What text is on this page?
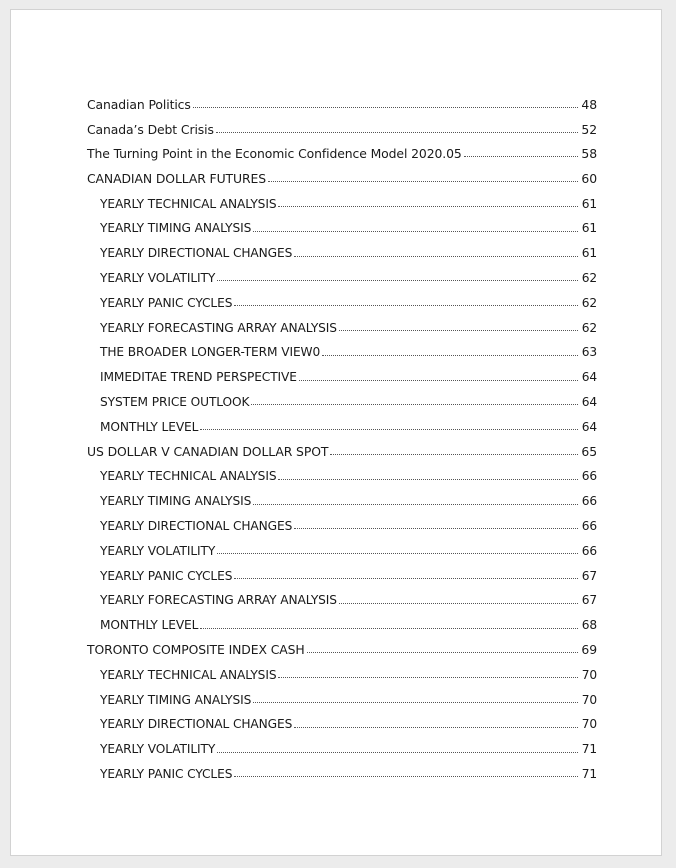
Canadian Politics	48
Canada’s Debt Crisis	52
The Turning Point in the Economic Confidence Model 2020.05	58
CANADIAN DOLLAR FUTURES	60
YEARLY TECHNICAL ANALYSIS	61
YEARLY TIMING ANALYSIS	61
YEARLY DIRECTIONAL CHANGES	61
YEARLY VOLATILITY	62
YEARLY PANIC CYCLES	62
YEARLY FORECASTING ARRAY ANALYSIS	62
THE BROADER LONGER-TERM VIEW0	63
IMMEDITAE TREND PERSPECTIVE	64
SYSTEM PRICE OUTLOOK	64
MONTHLY LEVEL	64
US DOLLAR V CANADIAN DOLLAR SPOT	65
YEARLY TECHNICAL ANALYSIS	66
YEARLY TIMING ANALYSIS	66
YEARLY DIRECTIONAL CHANGES	66
YEARLY VOLATILITY	66
YEARLY PANIC CYCLES	67
YEARLY FORECASTING ARRAY ANALYSIS	67
MONTHLY LEVEL	68
TORONTO COMPOSITE INDEX CASH	69
YEARLY TECHNICAL ANALYSIS	70
YEARLY TIMING ANALYSIS	70
YEARLY DIRECTIONAL CHANGES	70
YEARLY VOLATILITY	71
YEARLY PANIC CYCLES	71
